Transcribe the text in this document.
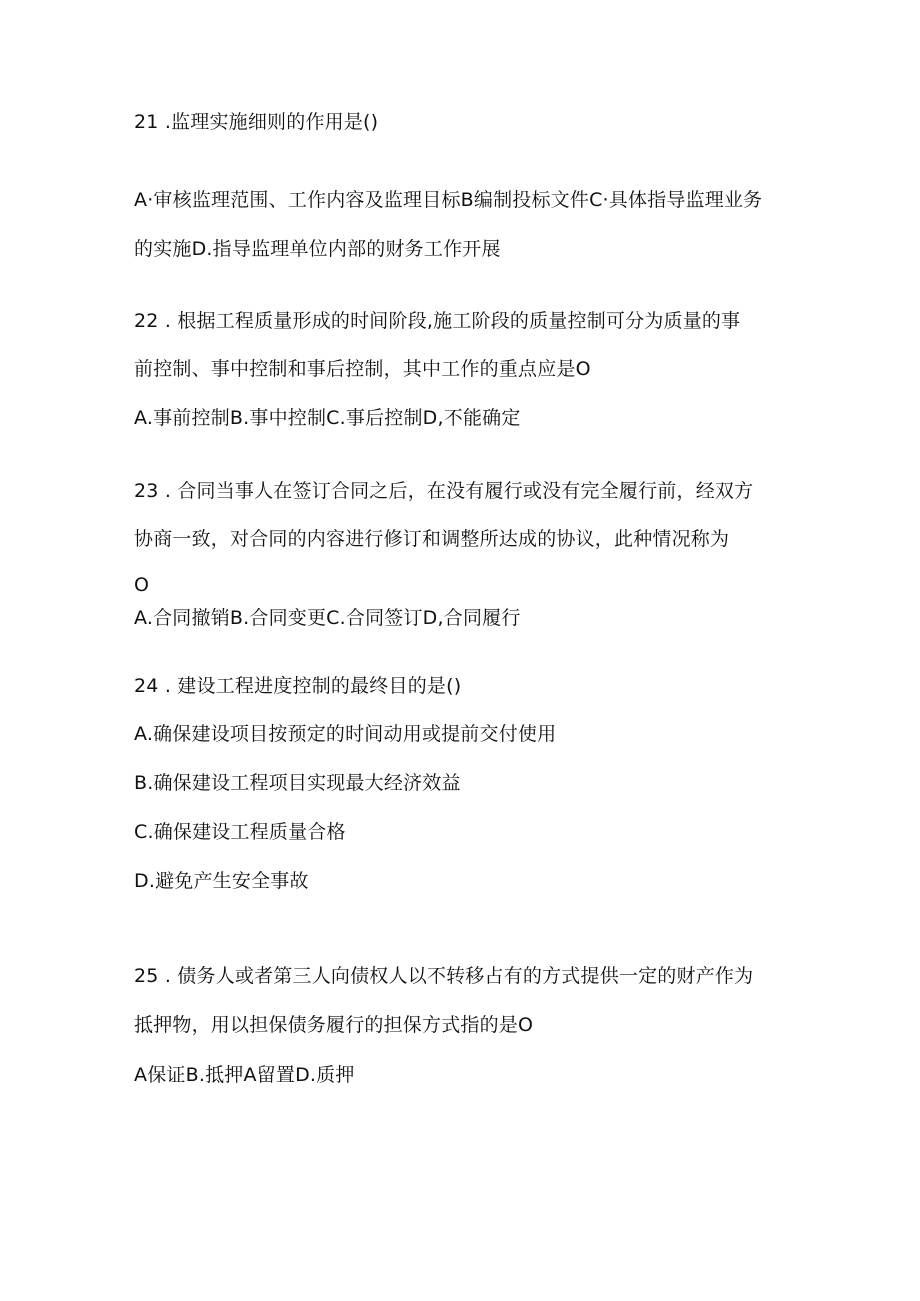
21 .监理实施细则的作用是()
A·审核监理范围、工作内容及监理目标B编制投标文件C·具体指导监理业务
的实施D.指导监理单位内部的财务工作开展
22 . 根据工程质量形成的时间阶段,施工阶段的质量控制可分为质量的事
前控制、事中控制和事后控制，其中工作的重点应是O
A.事前控制B.事中控制C.事后控制D,不能确定
23 . 合同当事人在签订合同之后，在没有履行或没有完全履行前，经双方
协商一致，对合同的内容进行修订和调整所达成的协议，此种情况称为
O
A.合同撤销B.合同变更C.合同签订D,合同履行
24 . 建设工程进度控制的最终目的是()
A.确保建设项目按预定的时间动用或提前交付使用
B.确保建设工程项目实现最大经济效益
C.确保建设工程质量合格
D.避免产生安全事故
25 . 债务人或者第三人向债权人以不转移占有的方式提供一定的财产作为
抵押物，用以担保债务履行的担保方式指的是O
A保证B.抵押A留置D.质押
